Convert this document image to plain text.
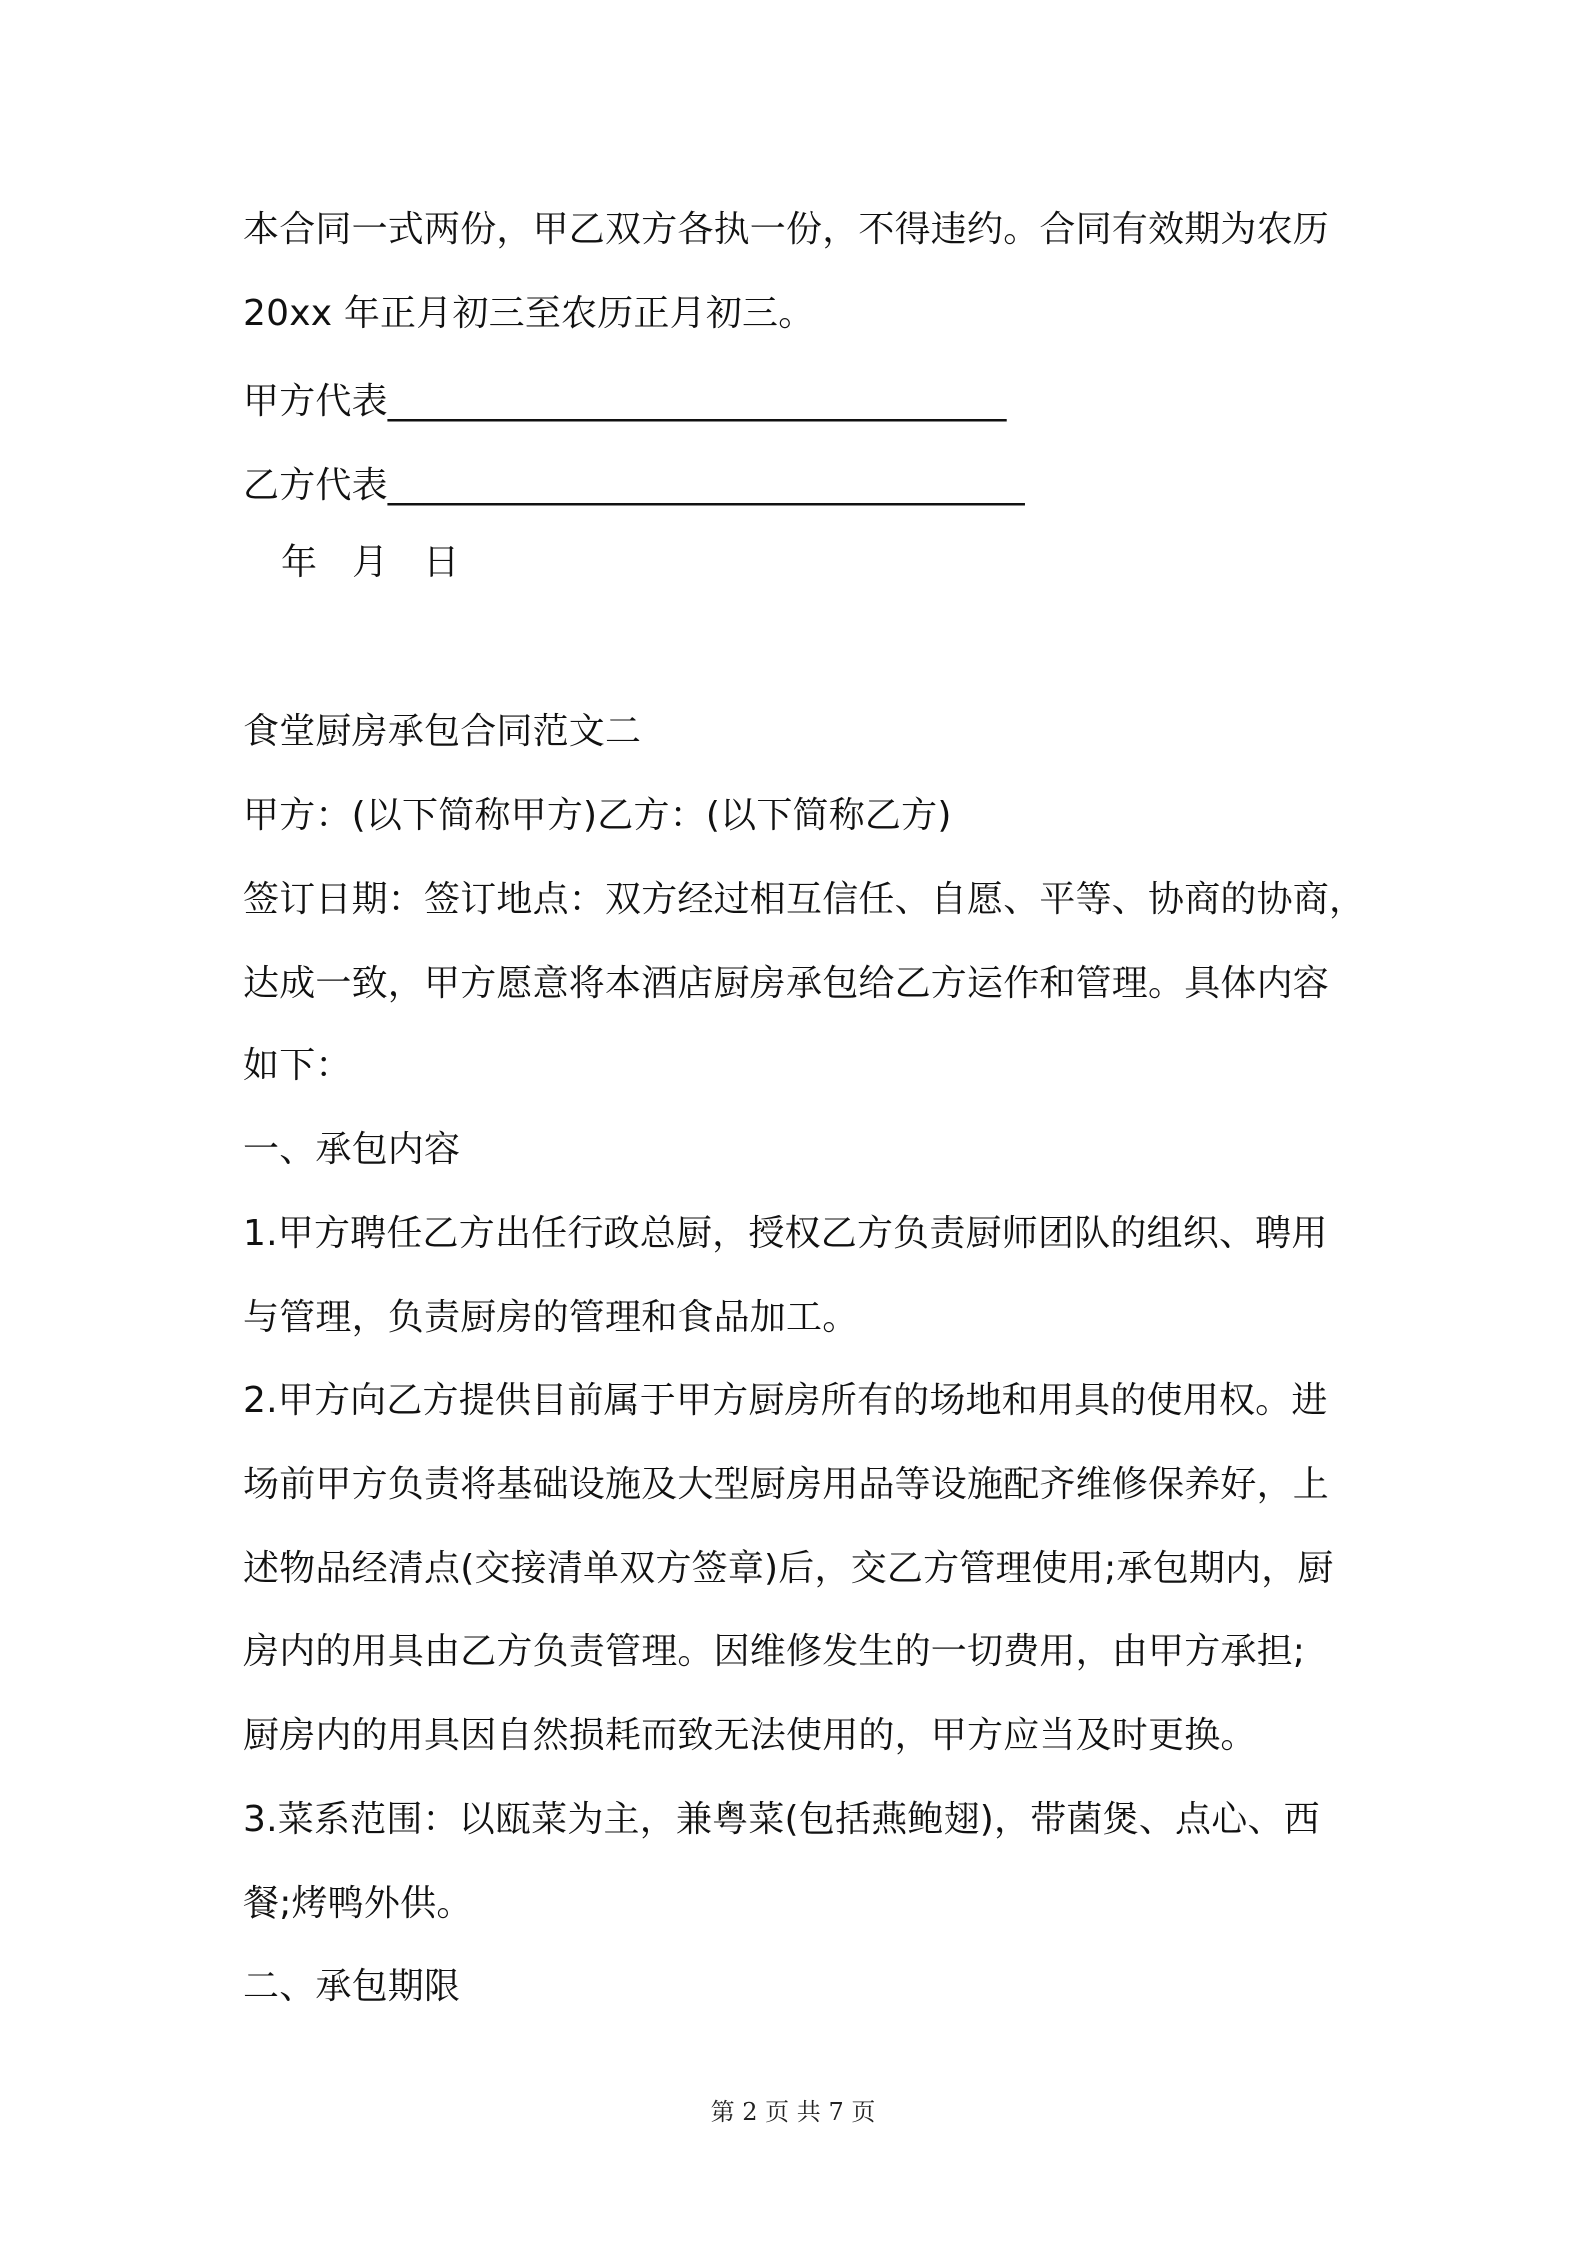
本合同一式两份，甲乙双方各执一份，不得违约。合同有效期为农历
20xx 年正月初三至农历正月初三。
甲方代表__________________________________
乙方代表___________________________________
年   月   日
食堂厨房承包合同范文二
甲方：(以下简称甲方)乙方：(以下简称乙方)
签订日期：签订地点：双方经过相互信任、自愿、平等、协商的协商，
达成一致，甲方愿意将本酒店厨房承包给乙方运作和管理。具体内容
如下：
一、承包内容
1.甲方聘任乙方出任行政总厨，授权乙方负责厨师团队的组织、聘用
与管理，负责厨房的管理和食品加工。
2.甲方向乙方提供目前属于甲方厨房所有的场地和用具的使用权。进
场前甲方负责将基础设施及大型厨房用品等设施配齐维修保养好，上
述物品经清点(交接清单双方签章)后，交乙方管理使用;承包期内，厨
房内的用具由乙方负责管理。因维修发生的一切费用，由甲方承担;
厨房内的用具因自然损耗而致无法使用的，甲方应当及时更换。
3.菜系范围：以瓯菜为主，兼粤菜(包括燕鲍翅)，带菌煲、点心、西
餐;烤鸭外供。
二、承包期限
第 2 页 共 7 页
